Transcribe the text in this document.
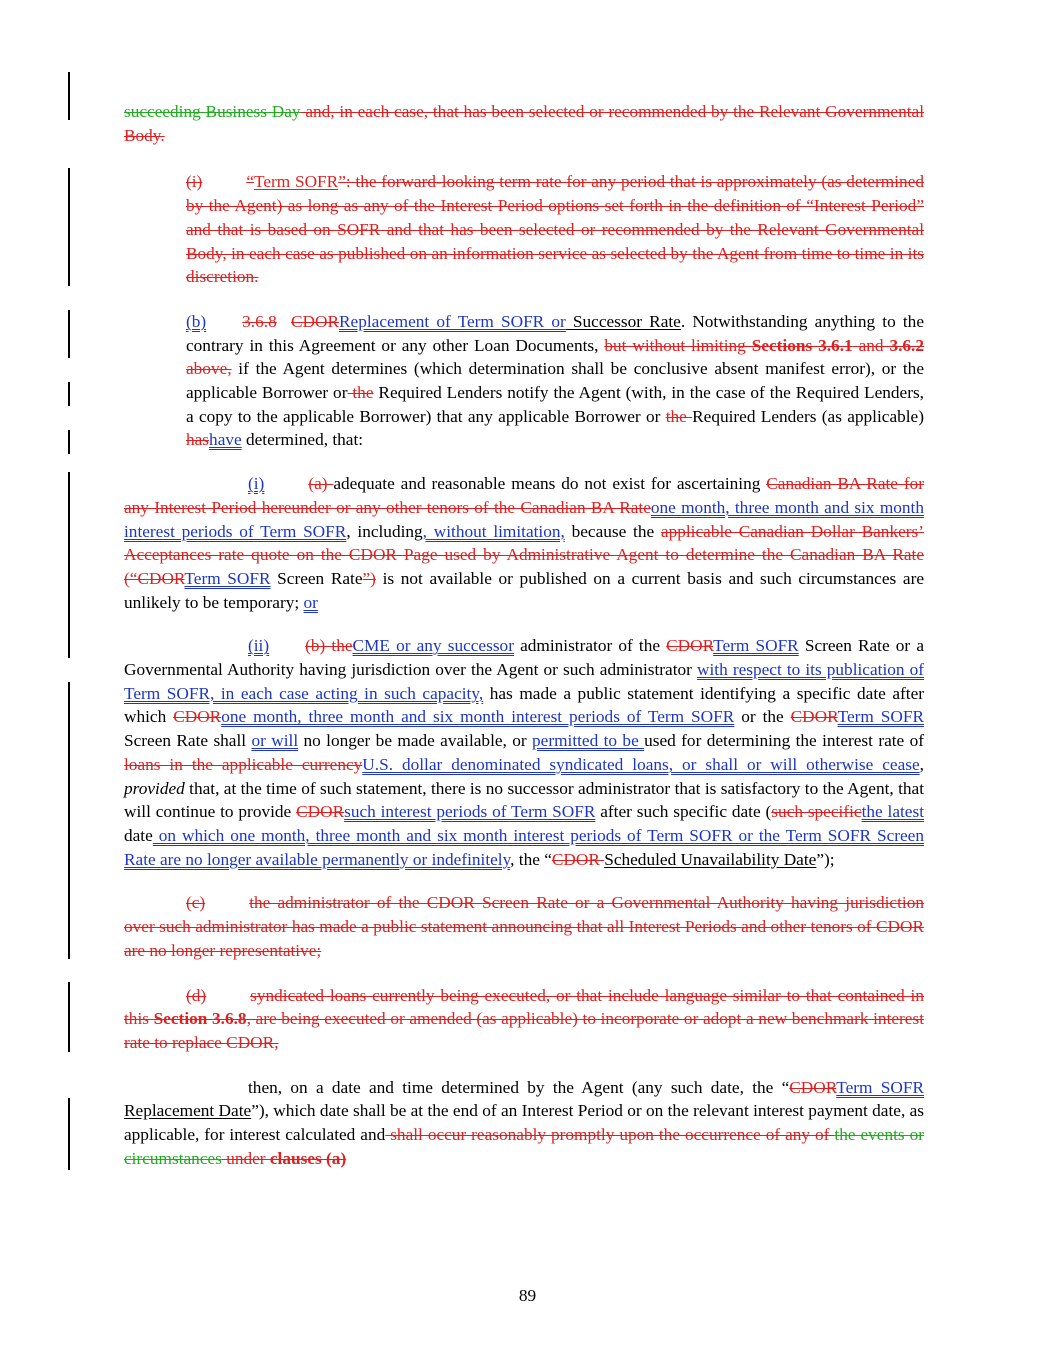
succeeding Business Day and, in each case, that has been selected or recommended by the Relevant Governmental Body.

(i)	“Term SOFR”: the forward-looking term rate for any period that is approximately (as determined by the Agent) as long as any of the Interest Period options set forth in the definition of “Interest Period” and that is based on SOFR and that has been selected or recommended by the Relevant Governmental Body, in each case as published on an information service as selected by the Agent from time to time in its discretion.

(b) 3.6.8 CDORReplacement of Term SOFR or Successor Rate. Notwithstanding anything to the contrary in this Agreement or any other Loan Documents, but without limiting Sections 3.6.1 and 3.6.2 above, if the Agent determines (which determination shall be conclusive absent manifest error), or the applicable Borrower or the Required Lenders notify the Agent (with, in the case of the Required Lenders, a copy to the applicable Borrower) that any applicable Borrower or the Required Lenders (as applicable) hashave determined, that:

(i)	(a) adequate and reasonable means do not exist for ascertaining Canadian BA Rate for any Interest Period hereunder or any other tenors of the Canadian BA Rateone month, three month and six month interest periods of Term SOFR, including, without limitation, because the applicable Canadian Dollar Bankers’ Acceptances rate quote on the CDOR Page used by Administrative Agent to determine the Canadian BA Rate (“CDORTerm SOFR Screen Rate”) is not available or published on a current basis and such circumstances are unlikely to be temporary; or

(ii) (b) theCME or any successor administrator of the CDORTerm SOFR Screen Rate or a Governmental Authority having jurisdiction over the Agent or such administrator with respect to its publication of Term SOFR, in each case acting in such capacity, has made a public statement identifying a specific date after which CDORone month, three month and six month interest periods of Term SOFR or the CDORTerm SOFR Screen Rate shall or will no longer be made available, or permitted to be used for determining the interest rate of loans in the applicable currencyU.S. dollar denominated syndicated loans, or shall or will otherwise cease, provided that, at the time of such statement, there is no successor administrator that is satisfactory to the Agent, that will continue to provide CDORsuch interest periods of Term SOFR after such specific date (such specificthe latest date on which one month, three month and six month interest periods of Term SOFR or the Term SOFR Screen Rate are no longer available permanently or indefinitely, the “CDOR Scheduled Unavailability Date”);

(c)	the administrator of the CDOR Screen Rate or a Governmental Authority having jurisdiction over such administrator has made a public statement announcing that all Interest Periods and other tenors of CDOR are no longer representative;

(d)	syndicated loans currently being executed, or that include language similar to that contained in this Section 3.6.8, are being executed or amended (as applicable) to incorporate or adopt a new benchmark interest rate to replace CDOR,

then, on a date and time determined by the Agent (any such date, the “CDORTerm SOFR Replacement Date”), which date shall be at the end of an Interest Period or on the relevant interest payment date, as applicable, for interest calculated and shall occur reasonably promptly upon the occurrence of any of the events or circumstances under clauses (a)

89
